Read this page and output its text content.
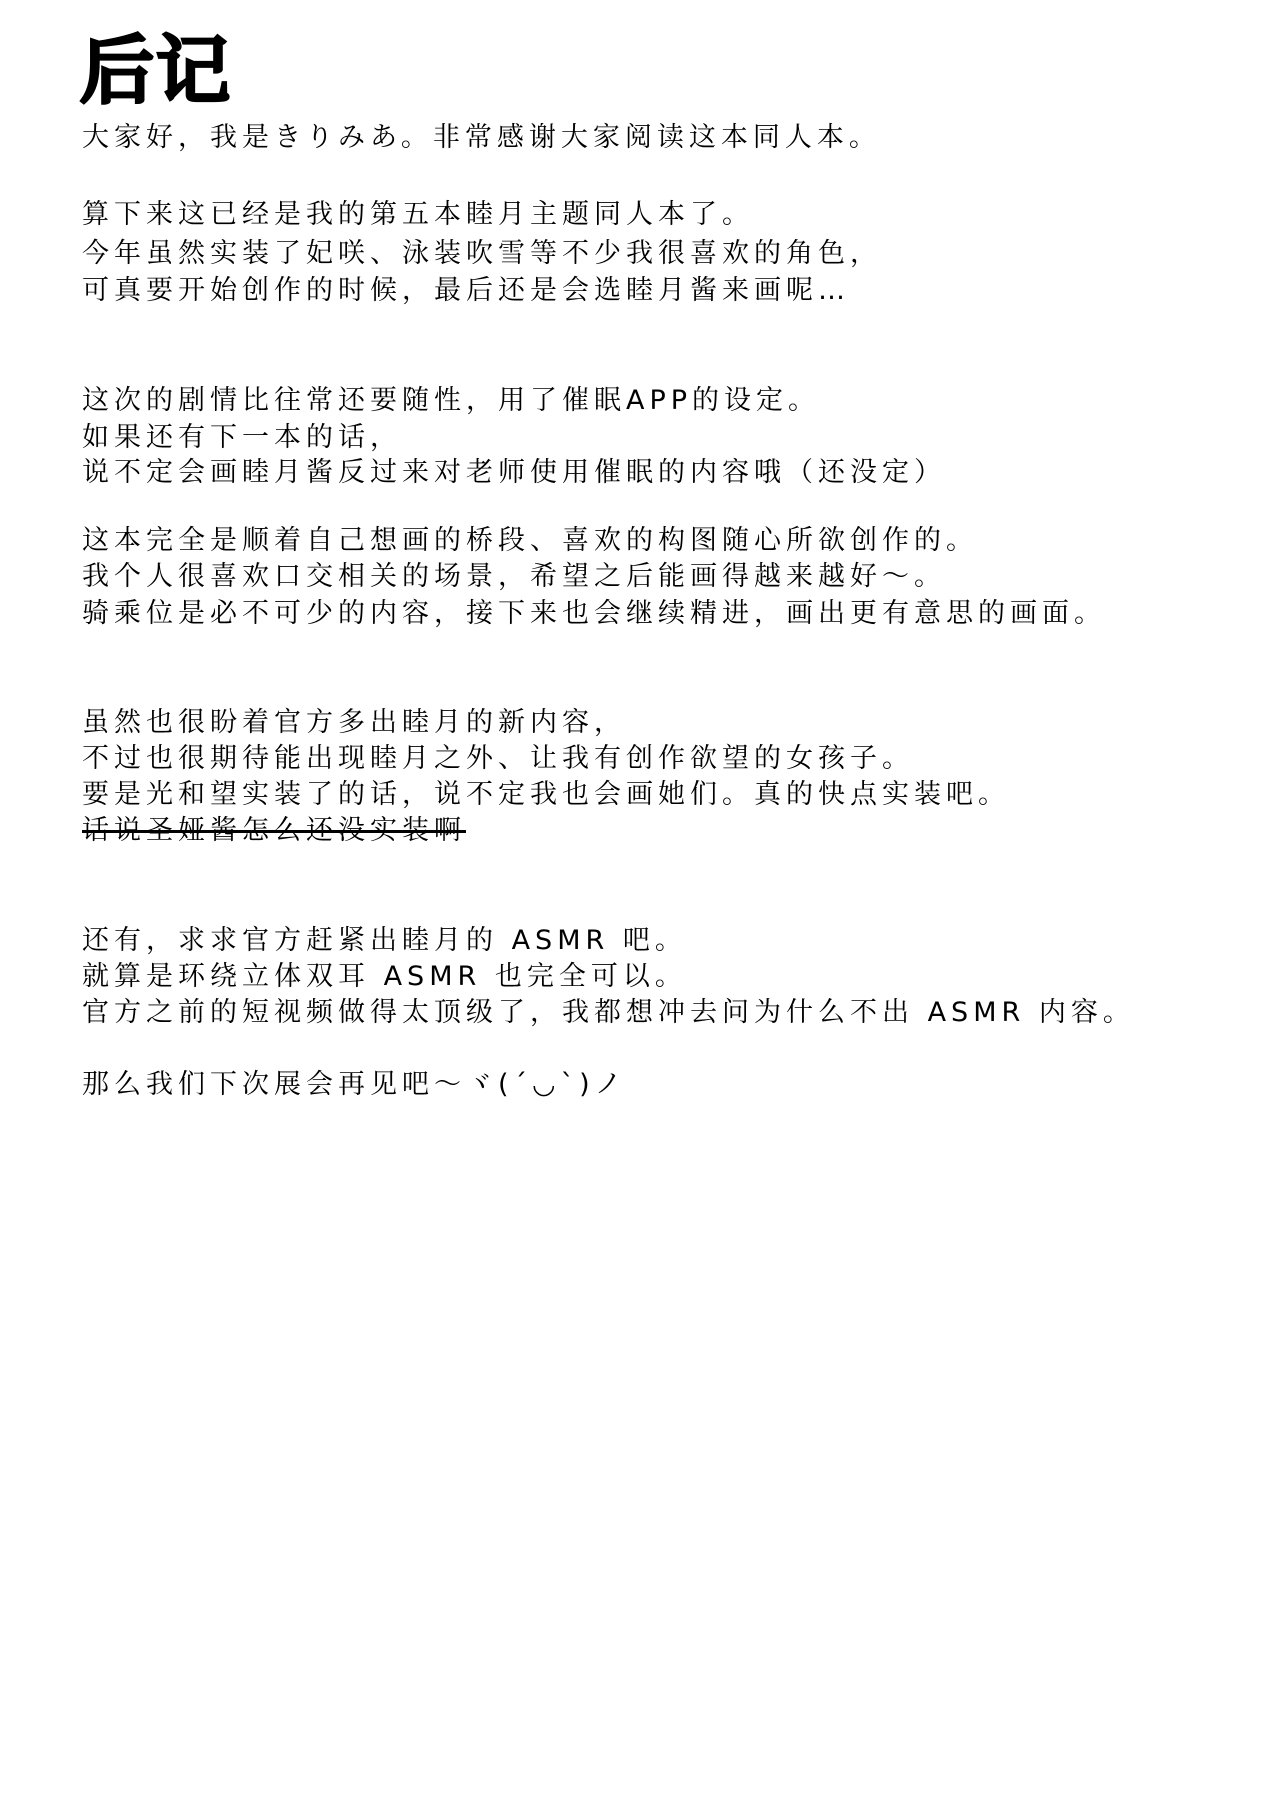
后记
大家好，我是きりみあ。非常感谢大家阅读这本同人本。
算下来这已经是我的第五本睦月主题同人本了。
今年虽然实装了妃咲、泳装吹雪等不少我很喜欢的角色，
可真要开始创作的时候，最后还是会选睦月酱来画呢…
这次的剧情比往常还要随性，用了催眠APP的设定。
如果还有下一本的话，
说不定会画睦月酱反过来对老师使用催眠的内容哦（还没定）
这本完全是顺着自己想画的桥段、喜欢的构图随心所欲创作的。
我个人很喜欢口交相关的场景，希望之后能画得越来越好～。
骑乘位是必不可少的内容，接下来也会继续精进，画出更有意思的画面。
虽然也很盼着官方多出睦月的新内容，
不过也很期待能出现睦月之外、让我有创作欲望的女孩子。
要是光和望实装了的话，说不定我也会画她们。真的快点实装吧。
话说圣娅酱怎么还没实装啊
还有，求求官方赶紧出睦月的 ASMR 吧。
就算是环绕立体双耳 ASMR 也完全可以。
官方之前的短视频做得太顶级了，我都想冲去问为什么不出 ASMR 内容。
那么我们下次展会再见吧～ヾ(ˊ◡ˋ)ノ
